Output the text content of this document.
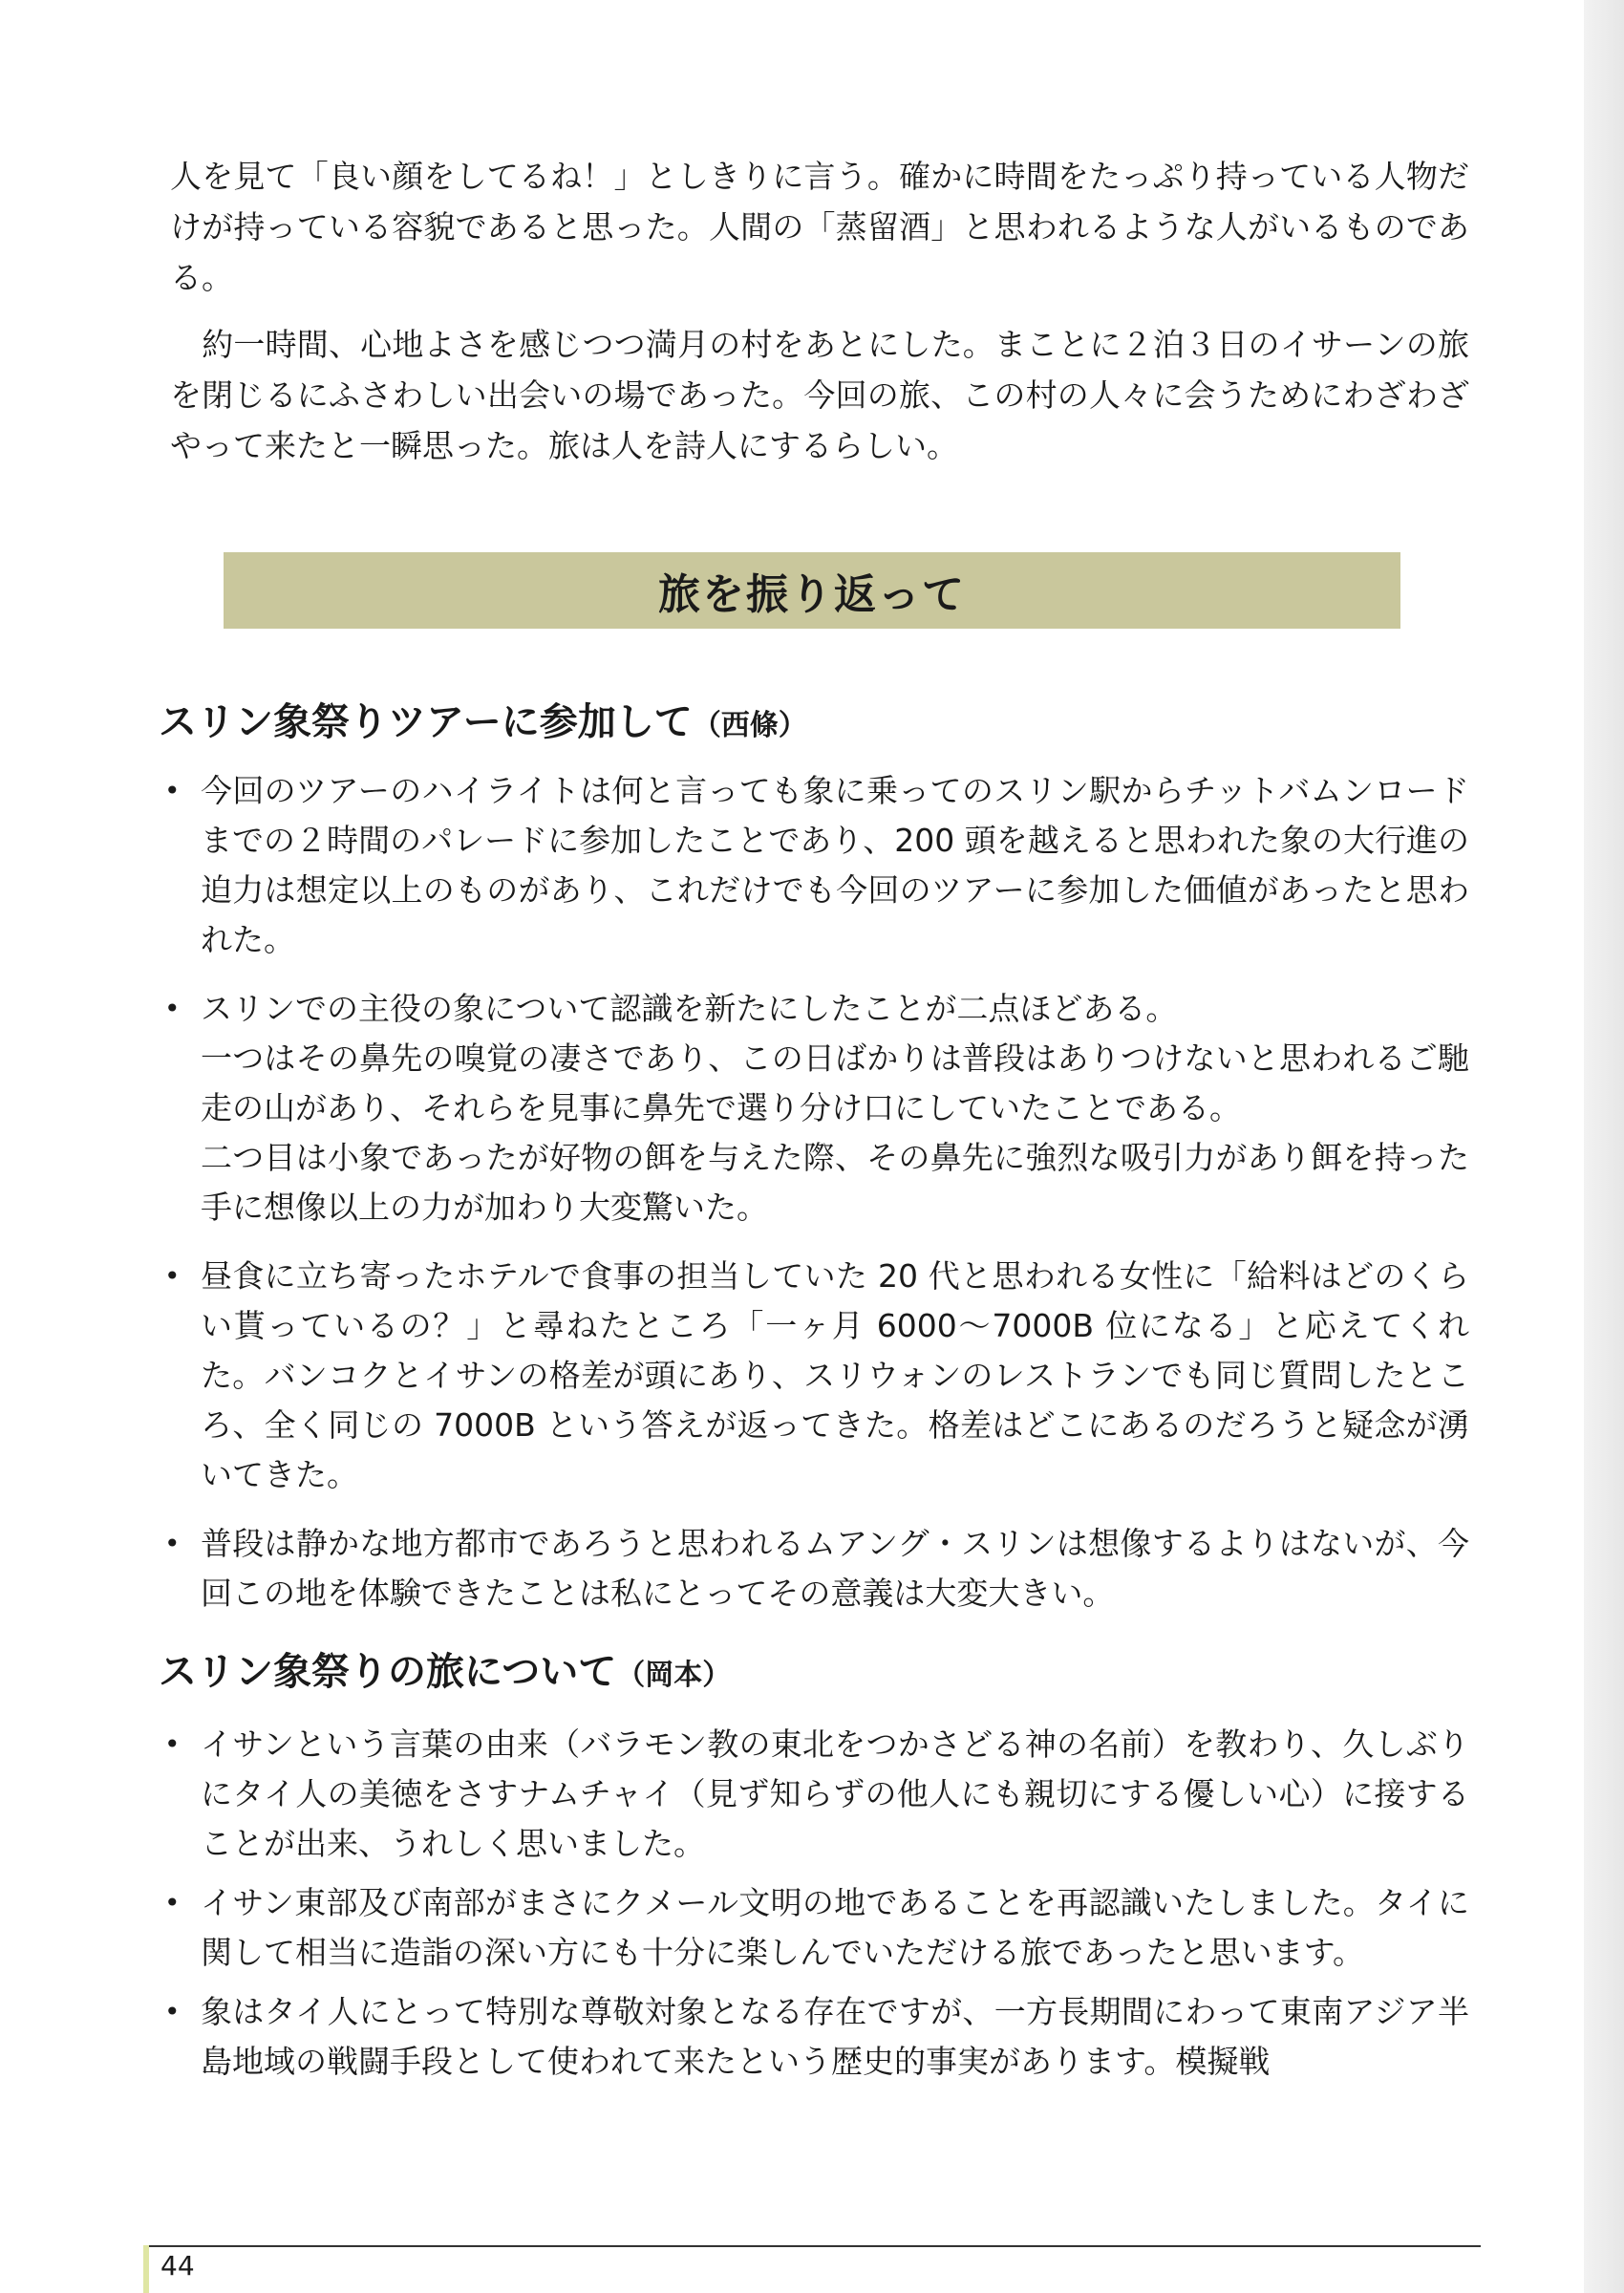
人を見て「良い顔をしてるね！」としきりに言う。確かに時間をたっぷり持っている人物だけが持っている容貌であると思った。人間の「蒸留酒」と思われるような人がいるものである。

　約一時間、心地よさを感じつつ満月の村をあとにした。まことに２泊３日のイサーンの旅を閉じるにふさわしい出会いの場であった。今回の旅、この村の人々に会うためにわざわざやって来たと一瞬思った。旅は人を詩人にするらしい。

旅を振り返って
スリン象祭りツアーに参加して（西條）
• 今回のツアーのハイライトは何と言っても象に乗ってのスリン駅からチットバムンロードまでの２時間のパレードに参加したことであり、200 頭を越えると思われた象の大行進の迫力は想定以上のものがあり、これだけでも今回のツアーに参加した価値があったと思われた。
• スリンでの主役の象について認識を新たにしたことが二点ほどある。
一つはその鼻先の嗅覚の凄さであり、この日ばかりは普段はありつけないと思われるご馳走の山があり、それらを見事に鼻先で選り分け口にしていたことである。
二つ目は小象であったが好物の餌を与えた際、その鼻先に強烈な吸引力があり餌を持った手に想像以上の力が加わり大変驚いた。
• 昼食に立ち寄ったホテルで食事の担当していた 20 代と思われる女性に「給料はどのくらい貰っているの？」と尋ねたところ「一ヶ月 6000～7000B 位になる」と応えてくれた。バンコクとイサンの格差が頭にあり、スリウォンのレストランでも同じ質問したところ、全く同じの 7000B という答えが返ってきた。格差はどこにあるのだろうと疑念が湧いてきた。
• 普段は静かな地方都市であろうと思われるムアング・スリンは想像するよりはないが、今回この地を体験できたことは私にとってその意義は大変大きい。
スリン象祭りの旅について（岡本）
• イサンという言葉の由来（バラモン教の東北をつかさどる神の名前）を教わり、久しぶりにタイ人の美徳をさすナムチャイ（見ず知らずの他人にも親切にする優しい心）に接することが出来、うれしく思いました。
• イサン東部及び南部がまさにクメール文明の地であることを再認識いたしました。タイに関して相当に造詣の深い方にも十分に楽しんでいただける旅であったと思います。
• 象はタイ人にとって特別な尊敬対象となる存在ですが、一方長期間にわって東南アジア半島地域の戦闘手段として使われて来たという歴史的事実があります。模擬戦
44
